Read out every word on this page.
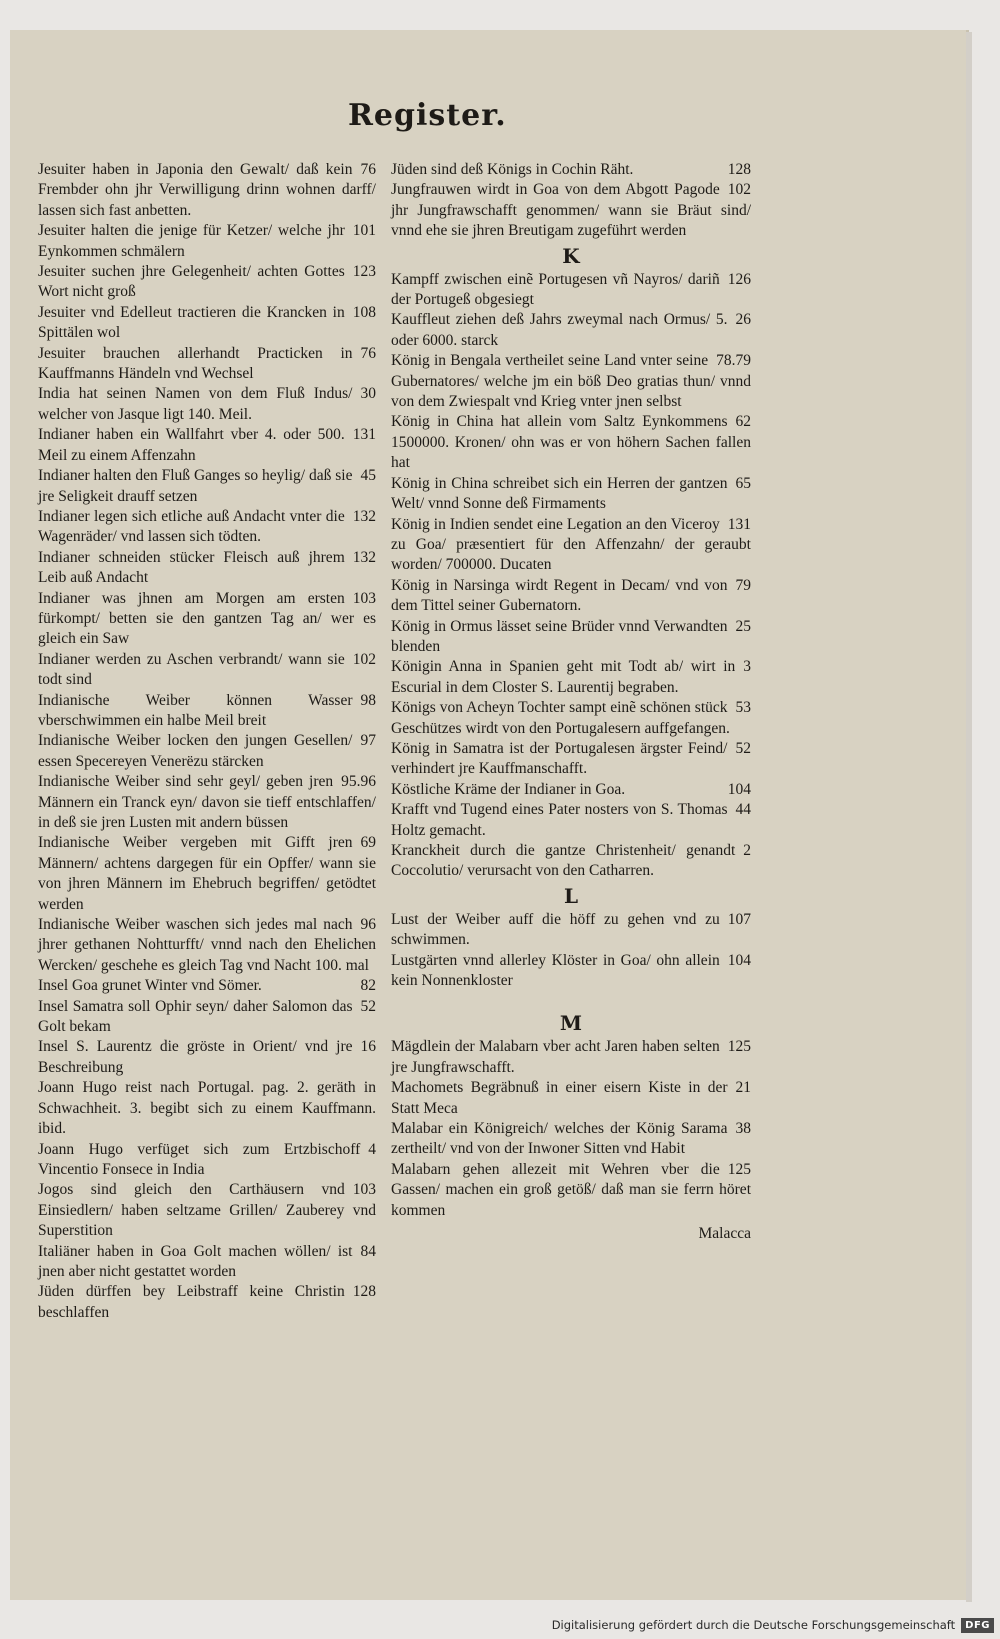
Register.
76
Jesuiter haben in Japonia den Gewalt/ daß kein Frembder ohn jhr Verwilligung drinn wohnen darff/ lassen sich fast anbetten.
101
Jesuiter halten die jenige für Ketzer/ welche jhr Eynkommen schmälern
123
Jesuiter suchen jhre Gelegenheit/ achten Gottes Wort nicht groß
108
Jesuiter vnd Edelleut tractieren die Krancken in Spittälen wol
76
Jesuiter brauchen allerhandt Practicken in Kauffmanns Händeln vnd Wechsel
30
India hat seinen Namen von dem Fluß Indus/ welcher von Jasque ligt 140. Meil.
131
Indianer haben ein Wallfahrt vber 4. oder 500. Meil zu einem Affenzahn
45
Indianer halten den Fluß Ganges so heylig/ daß sie jre Seligkeit drauff setzen
132
Indianer legen sich etliche auß Andacht vnter die Wagenräder/ vnd lassen sich tödten.
132
Indianer schneiden stücker Fleisch auß jhrem Leib auß Andacht
103
Indianer was jhnen am Morgen am ersten fürkompt/ betten sie den gantzen Tag an/ wer es gleich ein Saw
102
Indianer werden zu Aschen verbrandt/ wann sie todt sind
98
Indianische Weiber können Wasser vberschwimmen ein halbe Meil breit
97
Indianische Weiber locken den jungen Gesellen/ essen Specereyen Venerëzu stärcken
95.96
Indianische Weiber sind sehr geyl/ geben jren Männern ein Tranck eyn/ davon sie tieff entschlaffen/ in deß sie jren Lusten mit andern büssen
69
Indianische Weiber vergeben mit Gifft jren Männern/ achtens dargegen für ein Opffer/ wann sie von jhren Männern im Ehebruch begriffen/ getödtet werden
96
Indianische Weiber waschen sich jedes mal nach jhrer gethanen Nohtturfft/ vnnd nach den Ehelichen Wercken/ geschehe es gleich Tag vnd Nacht 100. mal
82
Insel Goa grunet Winter vnd Sömer.
52
Insel Samatra soll Ophir seyn/ daher Salomon das Golt bekam
16
Insel S. Laurentz die gröste in Orient/ vnd jre Beschreibung
Joann Hugo reist nach Portugal. pag. 2. geräth in Schwachheit. 3. begibt sich zu einem Kauffmann. ibid.
4
Joann Hugo verfüget sich zum Ertzbischoff Vincentio Fonsece in India
103
Jogos sind gleich den Carthäusern vnd Einsiedlern/ haben seltzame Grillen/ Zauberey vnd Superstition
84
Italiäner haben in Goa Golt machen wöllen/ ist jnen aber nicht gestattet worden
128
Jüden dürffen bey Leibstraff keine Christin beschlaffen
128
Jüden sind deß Königs in Cochin Räht.
102
Jungfrauwen wirdt in Goa von dem Abgott Pagode jhr Jungfrawschafft genommen/ wann sie Bräut sind/ vnnd ehe sie jhren Breutigam zugeführt werden
K
126
Kampff zwischen einẽ Portugesen vñ Nayros/ dariñ der Portugeß obgesiegt
26
Kauffleut ziehen deß Jahrs zweymal nach Ormus/ 5. oder 6000. starck
78.79
König in Bengala vertheilet seine Land vnter seine Gubernatores/ welche jm ein böß Deo gratias thun/ vnnd von dem Zwiespalt vnd Krieg vnter jnen selbst
62
König in China hat allein vom Saltz Eynkommens 1500000. Kronen/ ohn was er von höhern Sachen fallen hat
65
König in China schreibet sich ein Herren der gantzen Welt/ vnnd Sonne deß Firmaments
131
König in Indien sendet eine Legation an den Viceroy zu Goa/ præsentiert für den Affenzahn/ der geraubt worden/ 700000. Ducaten
79
König in Narsinga wirdt Regent in Decam/ vnd von dem Tittel seiner Gubernatorn.
25
König in Ormus lässet seine Brüder vnnd Verwandten blenden
3
Königin Anna in Spanien geht mit Todt ab/ wirt in Escurial in dem Closter S. Laurentij begraben.
53
Königs von Acheyn Tochter sampt einẽ schönen stück Geschützes wirdt von den Portugalesern auffgefangen.
52
König in Samatra ist der Portugalesen ärgster Feind/ verhindert jre Kauffmanschafft.
104
Köstliche Kräme der Indianer in Goa.
44
Krafft vnd Tugend eines Pater nosters von S. Thomas Holtz gemacht.
2
Kranckheit durch die gantze Christenheit/ genandt Coccolutio/ verursacht von den Catharren.
L
107
Lust der Weiber auff die höff zu gehen vnd zu schwimmen.
104
Lustgärten vnnd allerley Klöster in Goa/ ohn allein kein Nonnenkloster
M
125
Mägdlein der Malabarn vber acht Jaren haben selten jre Jungfrawschafft.
21
Machomets Begräbnuß in einer eisern Kiste in der Statt Meca
38
Malabar ein Königreich/ welches der König Sarama zertheilt/ vnd von der Inwoner Sitten vnd Habit
125
Malabarn gehen allezeit mit Wehren vber die Gassen/ machen ein groß getöß/ daß man sie ferrn höret kommen
Malacca
Digitalisierung gefördert durch die Deutsche Forschungsgemeinschaft	DFG
